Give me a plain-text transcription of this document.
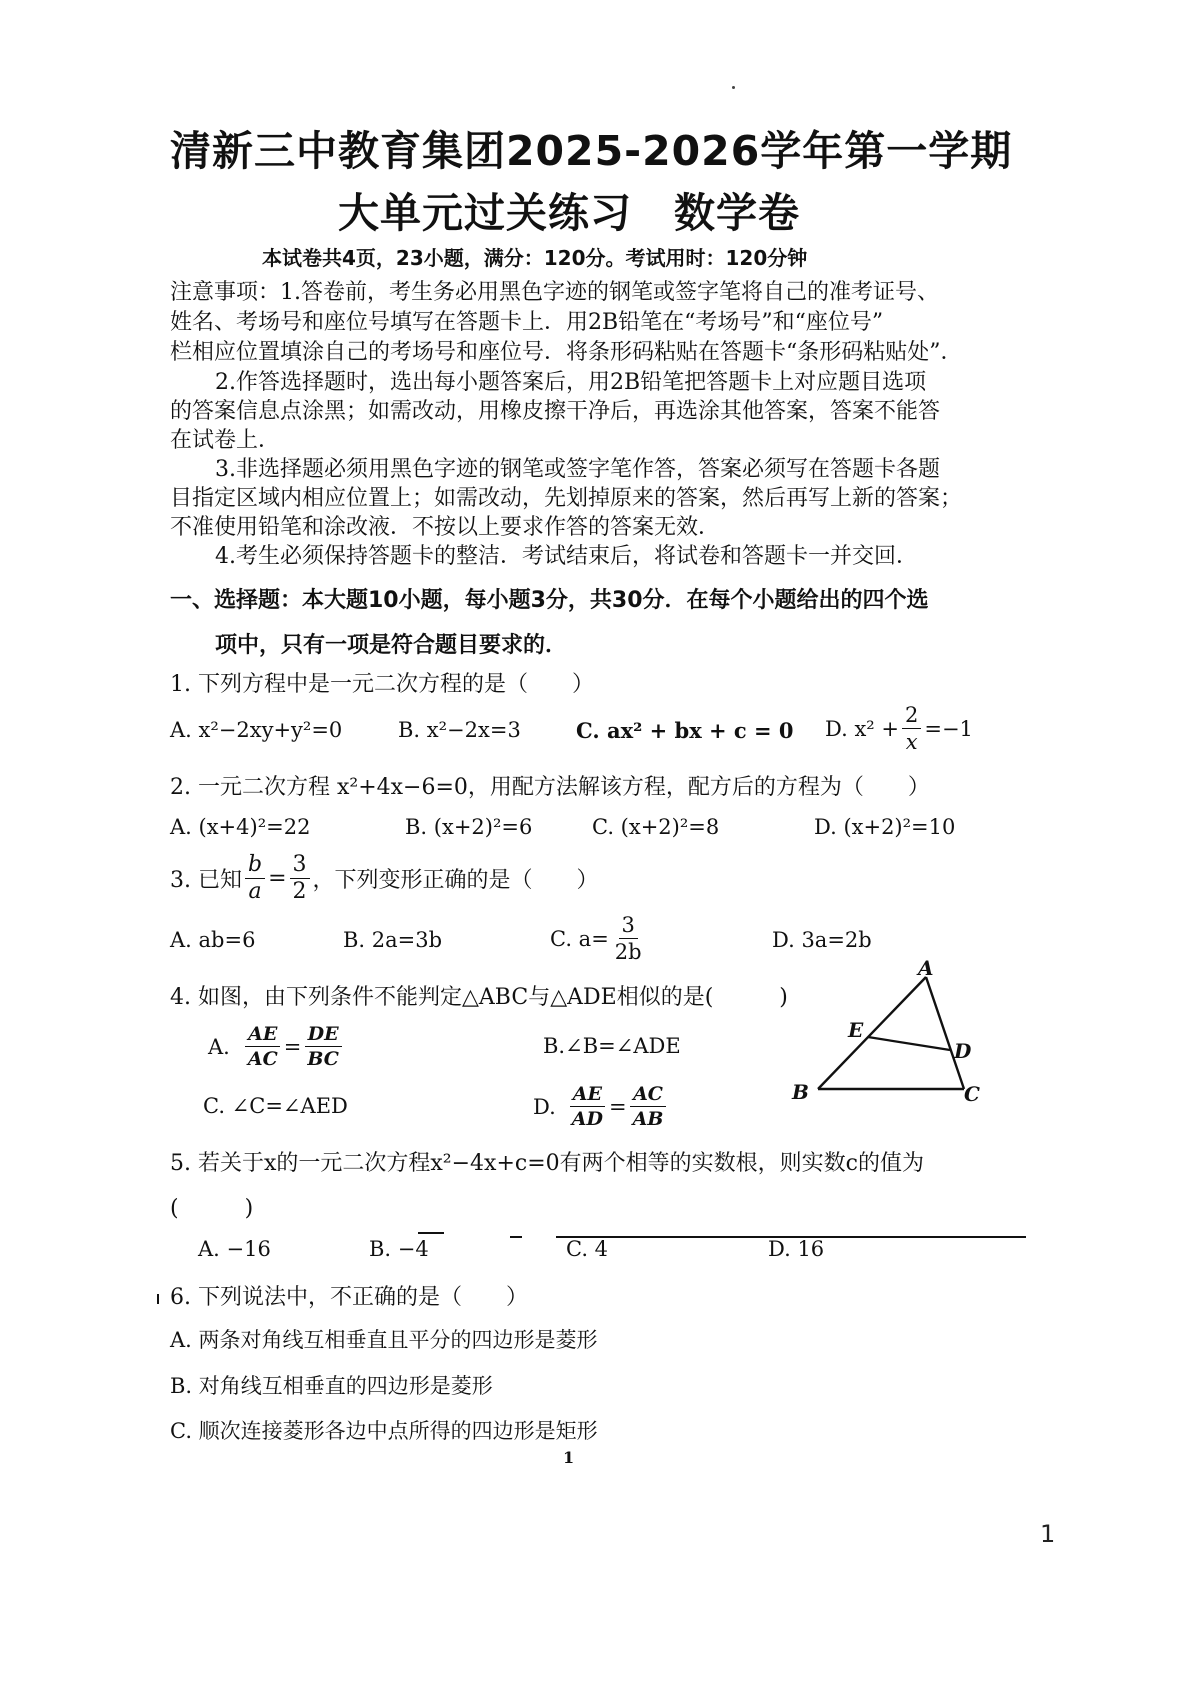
清新三中教育集团2025-2026学年第一学期
大单元过关练习　数学卷
本试卷共4页，23小题，满分：120分。考试用时：120分钟
注意事项：1.答卷前，考生务必用黑色字迹的钢笔或签字笔将自己的准考证号、
姓名、考场号和座位号填写在答题卡上．用2B铅笔在“考场号”和“座位号”
栏相应位置填涂自己的考场号和座位号．将条形码粘贴在答题卡“条形码粘贴处”．
2.作答选择题时，选出每小题答案后，用2B铅笔把答题卡上对应题目选项
的答案信息点涂黑；如需改动，用橡皮擦干净后，再选涂其他答案，答案不能答
在试卷上．
3.非选择题必须用黑色字迹的钢笔或签字笔作答，答案必须写在答题卡各题
目指定区域内相应位置上；如需改动，先划掉原来的答案，然后再写上新的答案；
不准使用铅笔和涂改液．不按以上要求作答的答案无效．
4.考生必须保持答题卡的整洁．考试结束后，将试卷和答题卡一并交回．
一、选择题：本大题10小题，每小题3分，共30分．在每个小题给出的四个选
项中，只有一项是符合题目要求的．
1. 下列方程中是一元二次方程的是（　　）
A. x²−2xy+y²=0	B. x²−2x=3	C. ax² + bx + c = 0 D. $x^2 + \frac{2}{x} =-1$
2. 一元二次方程 x²+4x−6=0，用配方法解该方程，配方后的方程为（　　）
A. (x+4)²=22	B. (x+2)²=6	C. (x+2)²=8	D. (x+2)²=10
3. 已知 $\frac{b}{a} = \frac{3}{2}$ ，下列变形正确的是（　　）
A. ab=6	B. 2a=3b	C. $a= \frac{3}{2b}$	D. 3a=2b
4. 如图，由下列条件不能判定△ABC与△ADE相似的是(　　　)
A. $\frac{AE}{AC} = \frac{DE}{BC}$	B.∠B=∠ADE
C. ∠C=∠AED	D. $\frac{AE}{AD} = \frac{AC}{AB}$
A
E
D
B	C
5. 若关于x的一元二次方程x²−4x+c=0有两个相等的实数根，则实数c的值为
(　　　)
A. −16	B. −4	C. 4	D. 16
6. 下列说法中，不正确的是（　　）
A. 两条对角线互相垂直且平分的四边形是菱形
B. 对角线互相垂直的四边形是菱形
C. 顺次连接菱形各边中点所得的四边形是矩形
1
1
